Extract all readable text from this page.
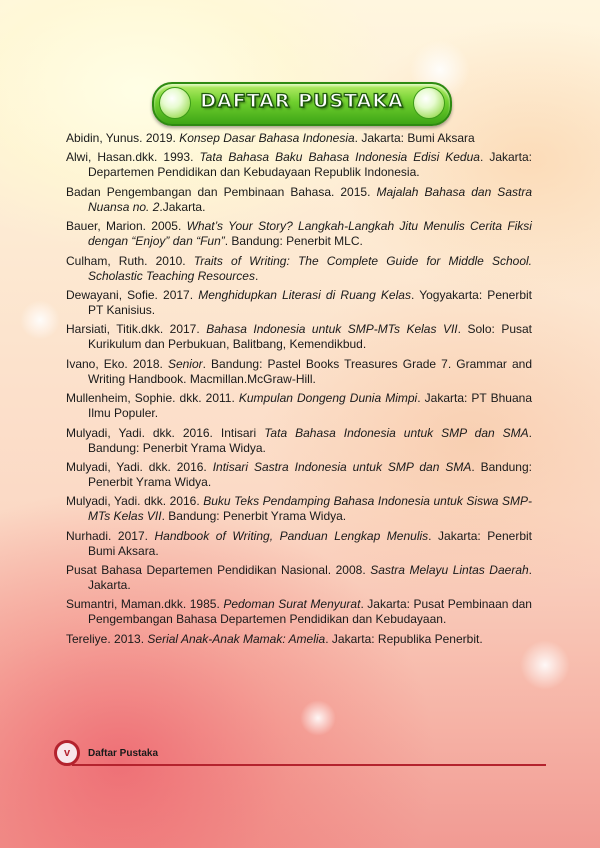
DAFTAR PUSTAKA

Abidin, Yunus. 2019. Konsep Dasar Bahasa Indonesia. Jakarta: Bumi Aksara

Alwi, Hasan.dkk. 1993. Tata Bahasa Baku Bahasa Indonesia Edisi Kedua. Jakarta: Departemen Pendidikan dan Kebudayaan Republik Indonesia.

Badan Pengembangan dan Pembinaan Bahasa. 2015. Majalah Bahasa dan Sastra Nuansa no. 2.Jakarta.

Bauer, Marion. 2005. What’s Your Story? Langkah-Langkah Jitu Menulis Cerita Fiksi dengan “Enjoy” dan “Fun”. Bandung: Penerbit MLC.

Culham, Ruth. 2010. Traits of Writing: The Complete Guide for Middle School. Scholastic Teaching Resources.

Dewayani, Sofie. 2017. Menghidupkan Literasi di Ruang Kelas. Yogyakarta: Penerbit PT Kanisius.

Harsiati, Titik.dkk. 2017. Bahasa Indonesia untuk SMP-MTs Kelas VII. Solo: Pusat Kurikulum dan Perbukuan, Balitbang, Kemendikbud.

Ivano, Eko. 2018. Senior. Bandung: Pastel Books Treasures Grade 7. Grammar and Writing Handbook. Macmillan.McGraw-Hill.

Mullenheim, Sophie. dkk. 2011. Kumpulan Dongeng Dunia Mimpi. Jakarta: PT Bhuana Ilmu Populer.

Mulyadi, Yadi. dkk. 2016. Intisari Tata Bahasa Indonesia untuk SMP dan SMA. Bandung: Penerbit Yrama Widya.

Mulyadi, Yadi. dkk. 2016. Intisari Sastra Indonesia untuk SMP dan SMA. Bandung: Penerbit Yrama Widya.

Mulyadi, Yadi. dkk. 2016. Buku Teks Pendamping Bahasa Indonesia untuk Siswa SMP-MTs Kelas VII. Bandung: Penerbit Yrama Widya.

Nurhadi. 2017. Handbook of Writing, Panduan Lengkap Menulis. Jakarta: Penerbit Bumi Aksara.

Pusat Bahasa Departemen Pendidikan Nasional. 2008. Sastra Melayu Lintas Daerah. Jakarta.

Sumantri, Maman.dkk. 1985. Pedoman Surat Menyurat. Jakarta: Pusat Pembinaan dan Pengembangan Bahasa Departemen Pendidikan dan Kebudayaan.

Tereliye. 2013. Serial Anak-Anak Mamak: Amelia. Jakarta: Republika Penerbit.

v	Daftar Pustaka
